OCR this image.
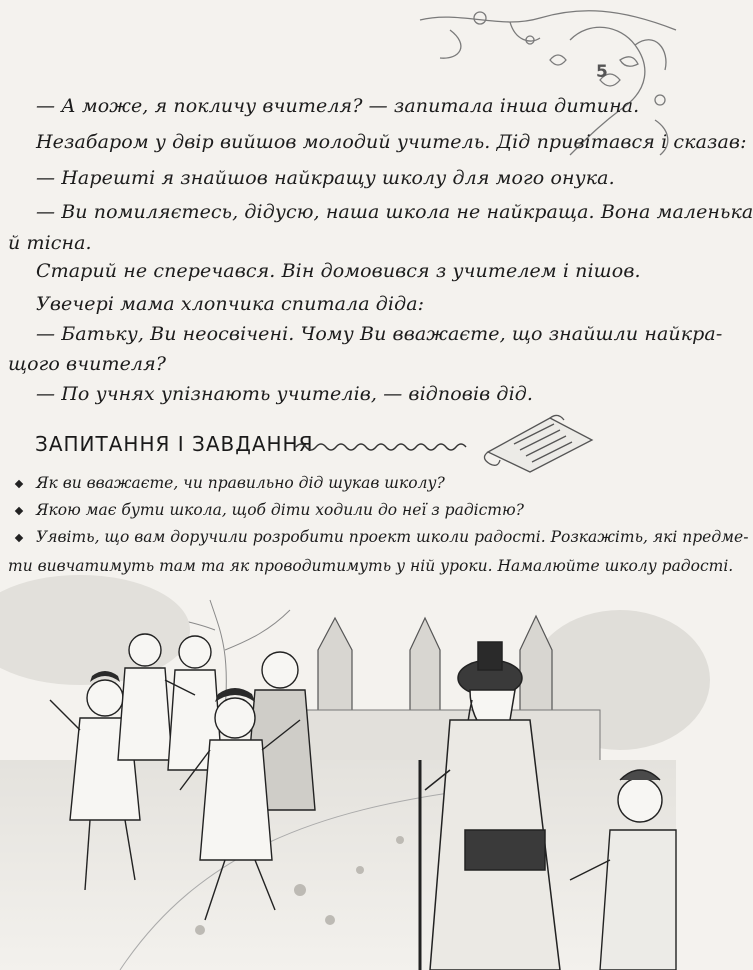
5
— А може, я покличу вчителя? — запитала інша дитина.
Незабаром у двір вийшов молодий учитель. Дід привітався і сказав:
— Нарешті я знайшов найкращу школу для мого онука.
— Ви помиляєтесь, дідусю, наша школа не найкраща. Вона маленька
й тісна.
Старий не сперечався. Він домовився з учителем і пішов.
Увечері мама хлопчика спитала діда:
— Батьку, Ви неосвічені. Чому Ви вважаєте, що знайшли найкра-
щого вчителя?
— По учнях упізнають учителів, — відповів дід.
ЗАПИТАННЯ І ЗАВДАННЯ
Як ви вважаєте, чи правильно дід шукав школу?
Якою має бути школа, щоб діти ходили до неї з радістю?
Уявіть, що вам доручили розробити проект школи радості. Розкажіть, які предме-
ти вивчатимуть там та як проводитимуть у ній уроки. Намалюйте школу радості.
